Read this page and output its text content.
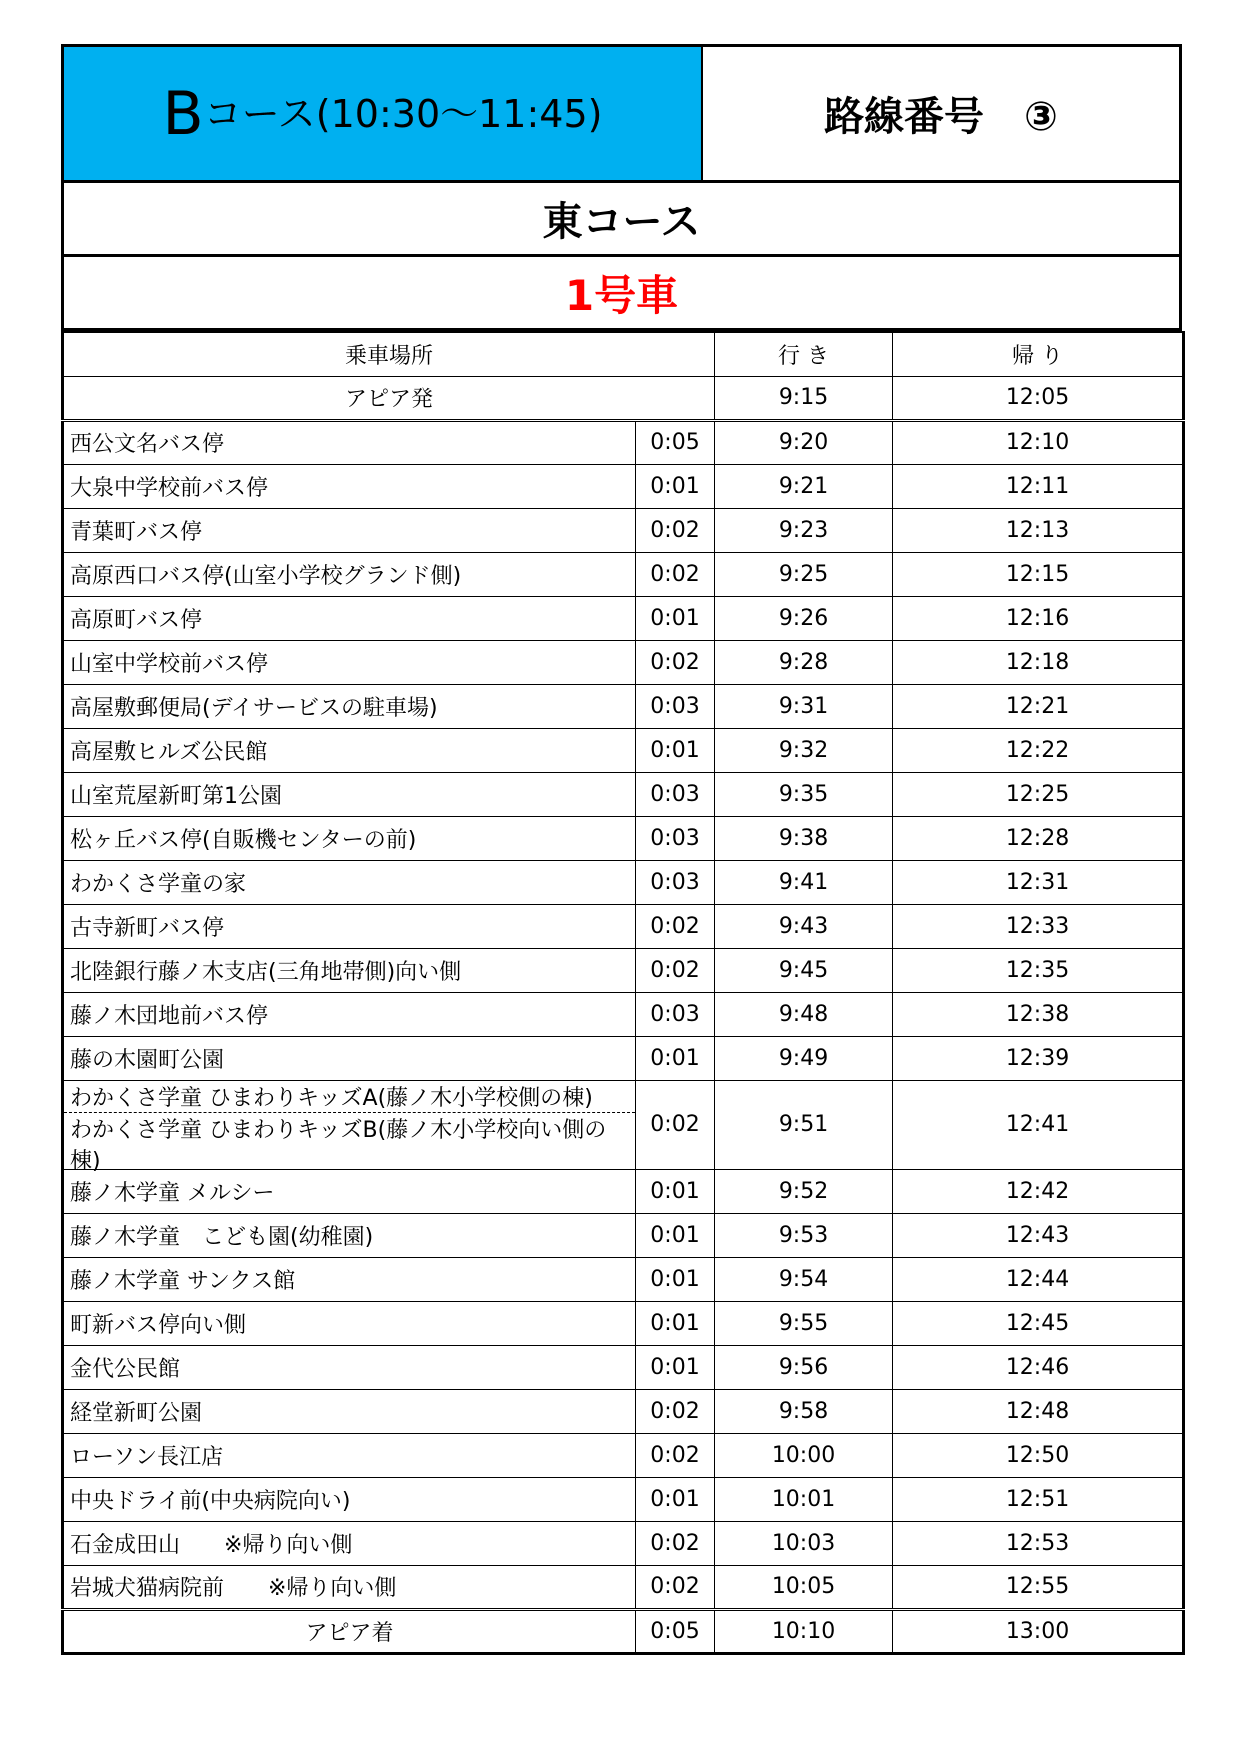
B コース(10:30～11:45)	路線番号　③
東コース
1号車
乗車場所		行 き	帰 り
アピア発		9:15	12:05
西公文名バス停	0:05	9:20	12:10
大泉中学校前バス停	0:01	9:21	12:11
青葉町バス停	0:02	9:23	12:13
高原西口バス停(山室小学校グランド側)	0:02	9:25	12:15
高原町バス停	0:01	9:26	12:16
山室中学校前バス停	0:02	9:28	12:18
高屋敷郵便局(デイサービスの駐車場)	0:03	9:31	12:21
高屋敷ヒルズ公民館	0:01	9:32	12:22
山室荒屋新町第1公園	0:03	9:35	12:25
松ヶ丘バス停(自販機センターの前)	0:03	9:38	12:28
わかくさ学童の家	0:03	9:41	12:31
古寺新町バス停	0:02	9:43	12:33
北陸銀行藤ノ木支店(三角地帯側)向い側	0:02	9:45	12:35
藤ノ木団地前バス停	0:03	9:48	12:38
藤の木園町公園	0:01	9:49	12:39

わかくさ学童 ひまわりキッズA(藤ノ木小学校側の棟)
わかくさ学童 ひまわりキッズB(藤ノ木小学校向い側の棟)	0:02	9:51	12:41
藤ノ木学童 メルシー	0:01	9:52	12:42
藤ノ木学童　こども園(幼稚園)	0:01	9:53	12:43
藤ノ木学童 サンクス館	0:01	9:54	12:44
町新バス停向い側	0:01	9:55	12:45
金代公民館	0:01	9:56	12:46
経堂新町公園	0:02	9:58	12:48
ローソン長江店	0:02	10:00	12:50
中央ドライ前(中央病院向い)	0:01	10:01	12:51
石金成田山　　※帰り向い側	0:02	10:03	12:53
岩城犬猫病院前　　※帰り向い側	0:02	10:05	12:55
アピア着	0:05	10:10	13:00
